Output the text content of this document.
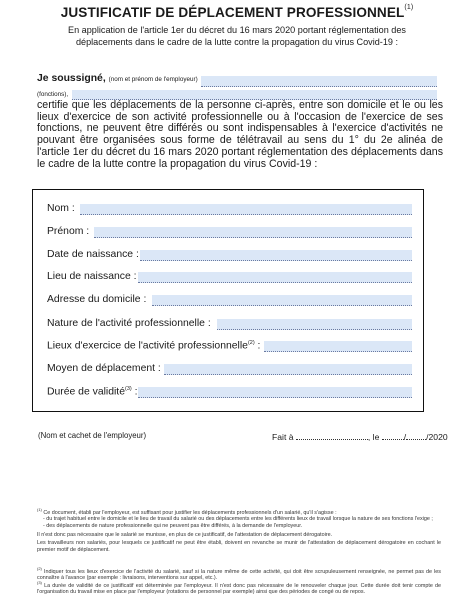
JUSTIFICATIF DE DÉPLACEMENT PROFESSIONNEL$^{(1)}$
En application de l'article 1er du décret du 16 mars 2020 portant réglementation des
déplacements dans le cadre de la lutte contre la propagation du virus Covid-19 :
Je soussigné, (nom et prénom de l'employeur)
(fonctions),
certifie que les déplacements de la personne ci-après, entre son domicile et le ou les lieux d'exercice de son activité professionnelle ou à l'occasion de l'exercice de ses fonctions, ne peuvent être différés ou sont indispensables à l'exercice d'activités ne pouvant être organisées sous forme de télétravail au sens du 1° du 2e alinéa de l'article 1er du décret du 16 mars 2020 portant réglementation des déplacements dans le cadre de la lutte contre la propagation du virus Covid-19 :
Nom :
Prénom :
Date de naissance :
Lieu de naissance :
Adresse du domicile :
Nature de l'activité professionnelle :
Lieux d'exercice de l'activité professionnelle$^{(2)}$ :
Moyen de déplacement :
Durée de validité$^{(3)}$ :
(Nom et cachet de l'employeur)	Fait à	, le	/ /2020
$^{(1)}$ Ce document, établi par l'employeur, est suffisant pour justifier les déplacements professionnels d'un salarié, qu'il s'agisse :
- du trajet habituel entre le domicile et le lieu de travail du salarié ou des déplacements entre les différents lieux de travail lorsque la nature de ses fonctions l'exige ;
- des déplacements de nature professionnelle qui ne peuvent pas être différés, à la demande de l'employeur.
Il n'est donc pas nécessaire que le salarié se munisse, en plus de ce justificatif, de l'attestation de déplacement dérogatoire.
Les travailleurs non salariés, pour lesquels ce justificatif ne peut être établi, doivent en revanche se munir de l'attestation de déplacement dérogatoire en cochant le premier motif de déplacement.
$^{(2)}$ Indiquer tous les lieux d'exercice de l'activité du salarié, sauf si la nature même de cette activité, qui doit être scrupuleusement renseignée, ne permet pas de les connaître à l'avance (par exemple : livraisons, interventions sur appel, etc.).
$^{(3)}$ La durée de validité de ce justificatif est déterminée par l'employeur. Il n'est donc pas nécessaire de le renouveler chaque jour. Cette durée doit tenir compte de l'organisation du travail mise en place par l'employeur (rotations de personnel par exemple) ainsi que des périodes de congé ou de repos.
